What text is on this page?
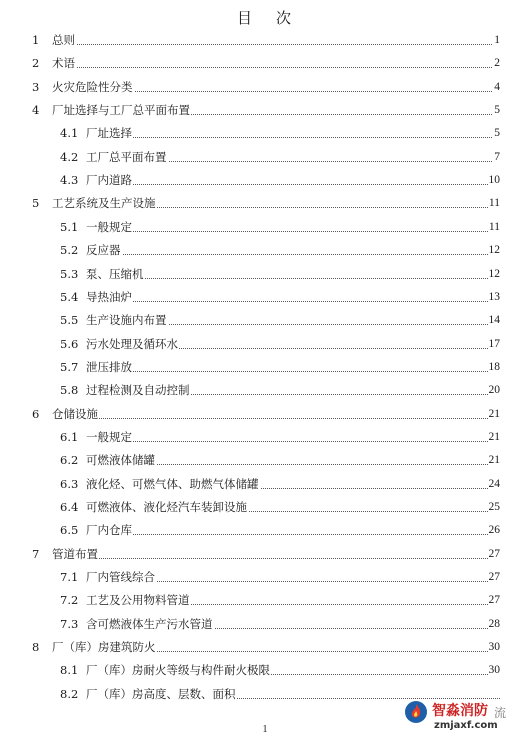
目 次
1 总则	1
2 术语	2
3 火灾危险性分类	4
4 厂址选择与工厂总平面布置	5
4.1 厂址选择	5
4.2 工厂总平面布置	7
4.3 厂内道路	10
5 工艺系统及生产设施	11
5.1 一般规定	11
5.2 反应器	12
5.3 泵、压缩机	12
5.4 导热油炉	13
5.5 生产设施内布置	14
5.6 污水处理及循环水	17
5.7 泄压排放	18
5.8 过程检测及自动控制	20
6 仓储设施	21
6.1 一般规定	21
6.2 可燃液体储罐	21
6.3 液化烃、可燃气体、助燃气体储罐	24
6.4 可燃液体、液化烃汽车装卸设施	25
6.5 厂内仓库	26
7 管道布置	27
7.1 厂内管线综合	27
7.2 工艺及公用物料管道	27
7.3 含可燃液体生产污水管道	28
8 厂（库）房建筑防火	30
8.1 厂（库）房耐火等级与构件耐火极限	30
8.2 厂（库）房高度、层数、面积
1
智淼消防
zmjaxf.com
流
